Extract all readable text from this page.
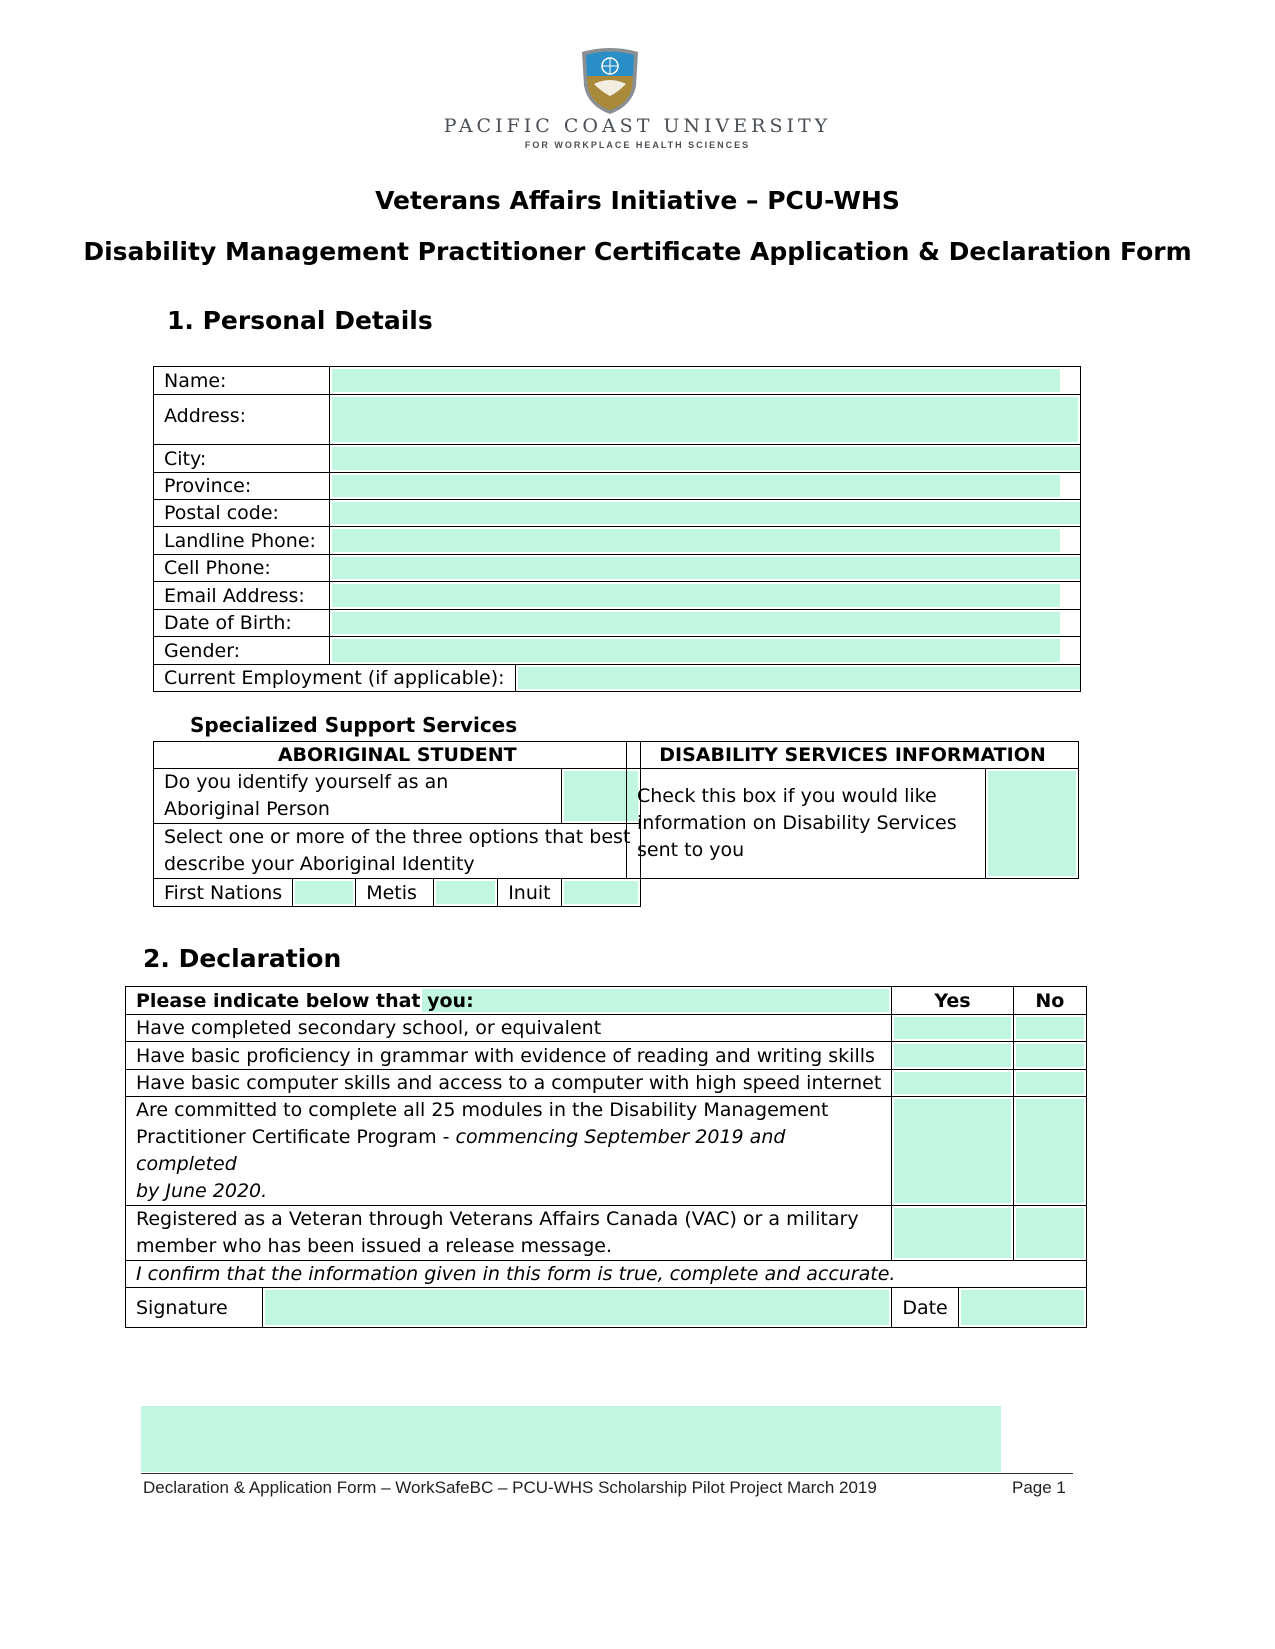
PACIFIC COAST UNIVERSITY
FOR WORKPLACE HEALTH SCIENCES
Veterans Affairs Initiative – PCU-WHS
Disability Management Practitioner Certificate Application & Declaration Form
1. Personal Details
Name:		

Address:		

City:		

Province:		

Postal code:		

Landline Phone:		

Cell Phone:		

Email Address:		

Date of Birth:		

Gender:		

Current Employment (if applicable):		
Specialized Support Services
ABORIGINAL STUDENT					

Do you identify yourself as an
Aboriginal Person					

Select one or more of the three options that best
describe your Aboriginal Identity					

First Nations		Metis		Inuit	
DISABILITY SERVICES INFORMATION

Check this box if you would like
information on Disability Services
sent to you

2. Declaration
Please indicate below that you:		Yes		No
Have completed secondary school, or equivalent			

Have basic proficiency in grammar with evidence of reading and writing skills			

Have basic computer skills and access to a computer with high speed internet			

Are committed to complete all 25 modules in the Disability Management
Practitioner Certificate Program - commencing September 2019 and completed
by June 2020.				

Registered as a Veteran through Veterans Affairs Canada (VAC) or a military
member who has been issued a release message.				

I confirm that the information given in this form is true, complete and accurate.				
Signature		Date		
Declaration & Application Form – WorkSafeBC – PCU-WHS Scholarship Pilot Project March 2019	Page 1
